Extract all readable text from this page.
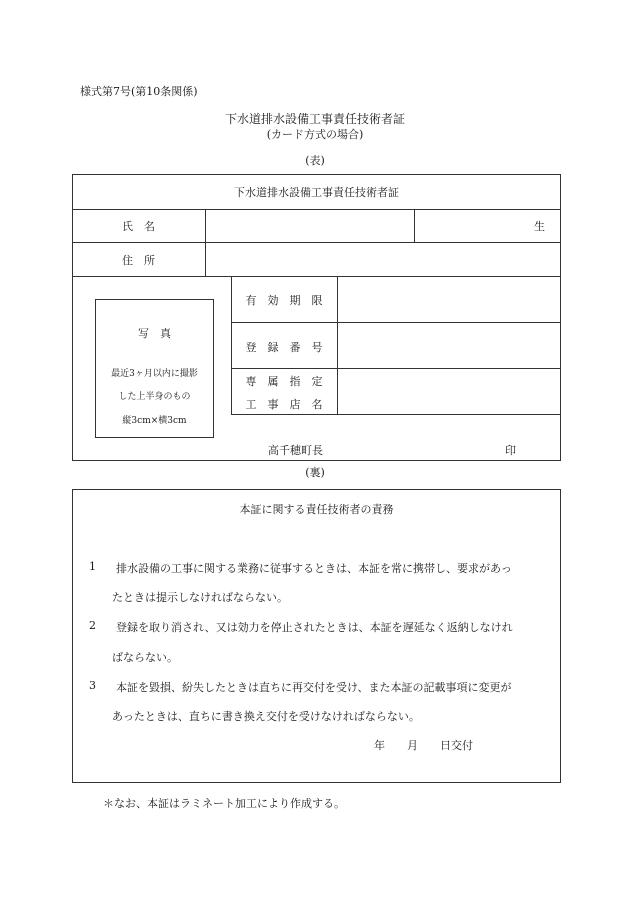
様式第7号(第10条関係)
下水道排水設備工事責任技術者証
(カード方式の場合)
(表)
下水道排水設備工事責任技術者証
氏　名	生
住　所
写　真
最近3ヶ月以内に撮影
した上半身のもの
縦3cm×横3cm
有　効　期　限
登　録　番　号
専　属　指　定
工　事　店　名
高千穂町長	印
(裏)
本証に関する責任技術者の責務
1 排水設備の工事に関する業務に従事するときは、本証を常に携帯し、要求があっ
たときは提示しなければならない。
2 登録を取り消され、又は効力を停止されたときは、本証を遅延なく返納しなけれ
ばならない。
3 本証を毀損、紛失したときは直ちに再交付を受け、また本証の記載事項に変更が
あったときは、直ちに書き換え交付を受けなければならない。
年　　月　　日交付
＊なお、本証はラミネート加工により作成する。
